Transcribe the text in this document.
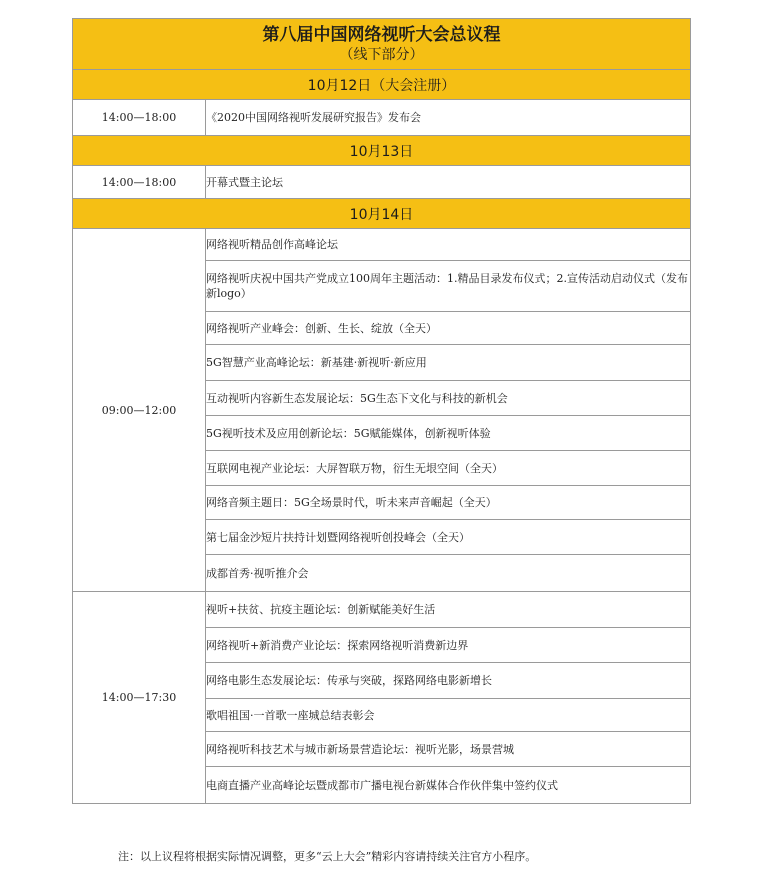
第八届中国网络视听大会总议程
（线下部分）	

10月12日（大会注册）	
14:00—18:00	《2020中国网络视听发展研究报告》发布会
10月13日	
14:00—18:00	开幕式暨主论坛
10月14日	
09:00—12:00	网络视听精品创作高峰论坛
	网络视听庆祝中国共产党成立100周年主题活动：1.精品目录发布仪式；2.宣传活动启动仪式（发布新logo）
	网络视听产业峰会：创新、生长、绽放（全天）
	5G智慧产业高峰论坛：新基建·新视听·新应用
	互动视听内容新生态发展论坛：5G生态下文化与科技的新机会
	5G视听技术及应用创新论坛：5G赋能媒体，创新视听体验
	互联网电视产业论坛：大屏智联万物，衍生无垠空间（全天）
	网络音频主题日：5G全场景时代，听未来声音崛起（全天）
	第七届金沙短片扶持计划暨网络视听创投峰会（全天）
	成都首秀·视听推介会
14:00—17:30	视听+扶贫、抗疫主题论坛：创新赋能美好生活
	网络视听+新消费产业论坛：探索网络视听消费新边界
	网络电影生态发展论坛：传承与突破，探路网络电影新增长
	歌唱祖国·一首歌一座城总结表彰会
	网络视听科技艺术与城市新场景营造论坛：视听光影，场景营城
	电商直播产业高峰论坛暨成都市广播电视台新媒体合作伙伴集中签约仪式
注：以上议程将根据实际情况调整，更多“云上大会”精彩内容请持续关注官方小程序。
